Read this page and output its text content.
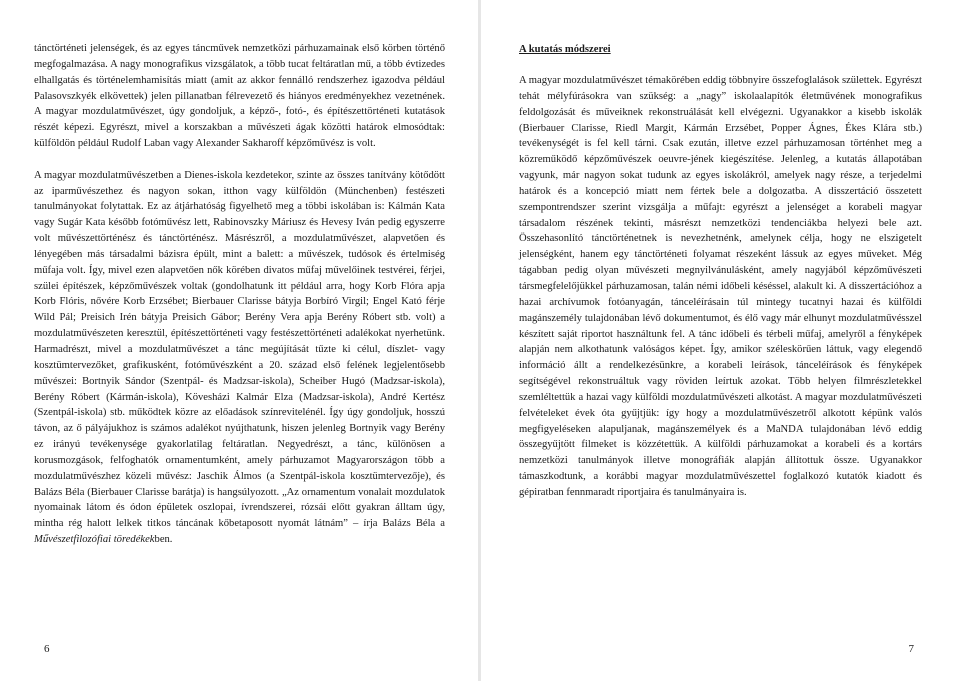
tánctörténeti jelenségek, és az egyes táncművek nemzetközi párhuzamainak első körben történő megfogalmazása. A nagy monografikus vizsgálatok, a több tucat feltáratlan mű, a több évtizedes elhallgatás és történelemhamisítás miatt (amit az akkor fennálló rendszerhez igazodva például Palasovszkyék elkövettek) jelen pillanatban félrevezető és hiányos eredményekhez vezetnének. A magyar mozdulatművészet, úgy gondoljuk, a képző-, fotó-, és építészettörténeti kutatások részét képezi. Egyrészt, mivel a korszakban a művészeti ágak közötti határok elmosódtak: külföldön például Rudolf Laban vagy Alexander Sakharoff képzőművész is volt.

A magyar mozdulatművészetben a Dienes-iskola kezdetekor, szinte az összes tanítvány kötődött az iparművészethez és nagyon sokan, itthon vagy külföldön (Münchenben) festészeti tanulmányokat folytattak. Ez az átjárhatóság figyelhető meg a többi iskolában is: Kálmán Kata vagy Sugár Kata később fotóművész lett, Rabinovszky Máriusz és Hevesy Iván pedig egyszerre volt művészettörténész és tánctörténész. Másrészről, a mozdulatművészet, alapvetően és lényegében más társadalmi bázisra épült, mint a balett: a művészek, tudósok és értelmiség műfaja volt. Így, mivel ezen alapvetően nők körében divatos műfaj művelőinek testvérei, férjei, szülei építészek, képzőművészek voltak (gondolhatunk itt például arra, hogy Korb Flóra apja Korb Flóris, nővére Korb Erzsébet; Bierbauer Clarisse bátyja Borbíró Virgil; Engel Kató férje Wild Pál; Preisich Irén bátyja Preisich Gábor; Berény Vera apja Berény Róbert stb. volt) a mozdulatművészeten keresztül, építészettörténeti vagy festészettörténeti adalékokat nyerhetünk. Harmadrészt, mivel a mozdulatművészet a tánc megújítását tűzte ki célul, díszlet- vagy kosztümtervezőket, grafikusként, fotóművészként a 20. század első felének legjelentősebb művészei: Bortnyik Sándor (Szentpál- és Madzsar-iskola), Scheiber Hugó (Madzsar-iskola), Berény Róbert (Kármán-iskola), Kövesházi Kalmár Elza (Madzsar-iskola), André Kertész (Szentpál-iskola) stb. működtek közre az előadások színrevitelénél. Így úgy gondoljuk, hosszú távon, az ő pályájukhoz is számos adalékot nyújthatunk, hiszen jelenleg Bortnyik vagy Berény ez irányú tevékenysége gyakorlatilag feltáratlan. Negyedrészt, a tánc, különösen a korusmozgások, felfoghatók ornamentumként, amely párhuzamot Magyarországon több a mozdulatművészhez közeli művész: Jaschik Álmos (a Szentpál-iskola kosztümtervezője), és Balázs Béla (Bierbauer Clarisse barátja) is hangsúlyozott. „Az ornamentum vonalait mozdulatok nyomainak látom és ódon épületek oszlopai, ívrendszerei, rózsái előtt gyakran álltam úgy, mintha rég halott lelkek titkos táncának kőbetaposott nyomát látnám” – írja Balázs Béla a Művészetfilozófiai töredékekben.

6
A kutatás módszerei

A magyar mozdulatművészet témakörében eddig többnyire összefoglalások születtek. Egyrészt tehát mélyfúrásokra van szükség: a „nagy” iskolaalapítók életművének monografikus feldolgozását és műveiknek rekonstruálását kell elvégezni. Ugyanakkor a kisebb iskolák (Bierbauer Clarisse, Riedl Margit, Kármán Erzsébet, Popper Ágnes, Ékes Klára stb.) tevékenységét is fel kell tárni. Csak ezután, illetve ezzel párhuzamosan történhet meg a közreműködő képzőművészek oeuvre-jének kiegészítése. Jelenleg, a kutatás állapotában vagyunk, már nagyon sokat tudunk az egyes iskolákról, amelyek nagy része, a terjedelmi határok és a koncepció miatt nem fértek bele a dolgozatba. A disszertáció összetett szempontrendszer szerint vizsgálja a műfajt: egyrészt a jelenséget a korabeli magyar társadalom részének tekinti, másrészt nemzetközi tendenciákba helyezi bele azt. Összehasonlító tánctörténetnek is nevezhetnénk, amelynek célja, hogy ne elszigetelt jelenségként, hanem egy tánctörténeti folyamat részeként lássuk az egyes műveket. Még tágabban pedig olyan művészeti megnyilvánulásként, amely nagyjából képzőművészeti társmegfelelőjükkel párhuzamosan, talán némi időbeli késéssel, alakult ki. A disszertációhoz a hazai archívumok fotóanyagán, tánceléírásain túl mintegy tucatnyi hazai és külföldi magánszemély tulajdonában lévő dokumentumot, és élő vagy már elhunyt mozdulatművésszel készített saját riportot használtunk fel. A tánc időbeli és térbeli műfaj, amelyről a fényképek alapján nem alkothatunk valóságos képet. Így, amikor széleskörűen láttuk, vagy elegendő információ állt a rendelkezésünkre, a korabeli leírások, tánceléírások és fényképek segítségével rekonstruáltuk vagy röviden leírtuk azokat. Több helyen filmrészletekkel szemléltettük a hazai vagy külföldi mozdulatművészeti alkotást. A magyar mozdulatművészeti felvételeket évek óta gyűjtjük: így hogy a mozdulatművészetről alkotott képünk valós megfigyeléseken alapuljanak, magánszemélyek és a MaNDA tulajdonában lévő eddig összegyűjtött filmeket is közzétettük. A külföldi párhuzamokat a korabeli és a kortárs nemzetközi tanulmányok illetve monográfiák alapján állítottuk össze. Ugyanakkor támaszkodtunk, a korábbi magyar mozdulatművészettel foglalkozó kutatók kiadott és gépiratban fennmaradt riportjaira és tanulmányaira is.

7
